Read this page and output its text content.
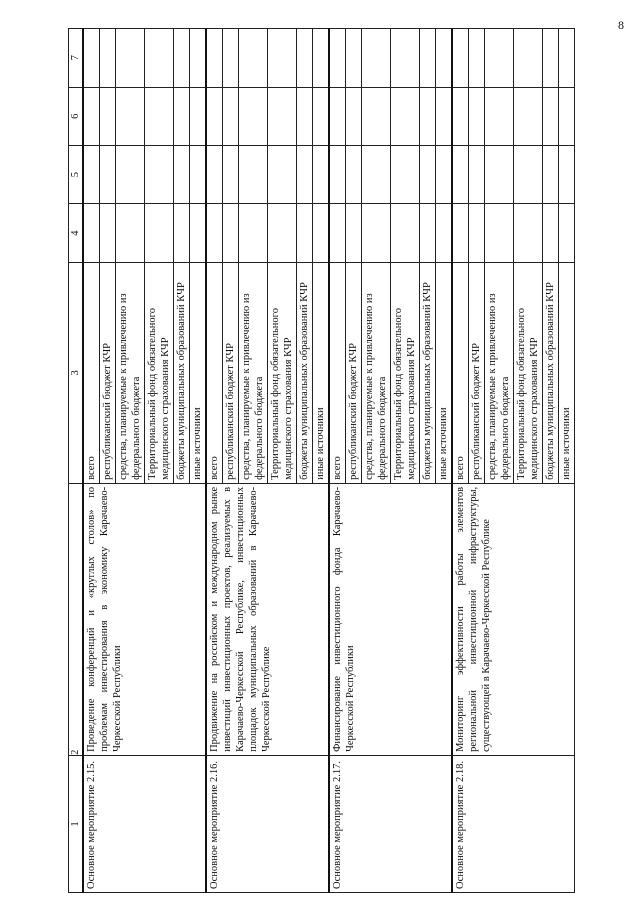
8
1	2	3	4	5	6	7
Основное мероприятие 2.15.	Проведение конференций и «круглых столов» по проблемам инвестирования в экономику Карачаево-Черкесской Республики	всего				
		республиканский бюджет КЧР				
		средства, планируемые к привлечению из федерального бюджета				
		Территориальный фонд обязательного медицинского страхования КЧР				
		бюджеты муниципальных образований КЧР				
		иные источники				
Основное мероприятие 2.16.	Продвижение на российском и международном рынке инвестиций инвестиционных проектов, реализуемых в Карачаево-Черкесской Республике, инвестиционных площадок муниципальных образований в Карачаево-Черкесской Республике	всего				
		республиканский бюджет КЧР				
		средства, планируемые к привлечению из федерального бюджета				
		Территориальный фонд обязательного медицинского страхования КЧР				
		бюджеты муниципальных образований КЧР				
		иные источники				
Основное мероприятие 2.17.	Финансирование инвестиционного фонда Карачаево-Черкесской Республики	всего				
		республиканский бюджет КЧР				
		средства, планируемые к привлечению из федерального бюджета				
		Территориальный фонд обязательного медицинского страхования КЧР				
		бюджеты муниципальных образований КЧР				
		иные источники				
Основное мероприятие 2.18.	Мониторинг эффективности работы элементов региональной инвестиционной инфраструктуры, существующей в Карачаево-Черкесской Республике	всего				
		республиканский бюджет КЧР				
		средства, планируемые к привлечению из федерального бюджета				
		Территориальный фонд обязательного медицинского страхования КЧР				
		бюджеты муниципальных образований КЧР				
		иные источники				
